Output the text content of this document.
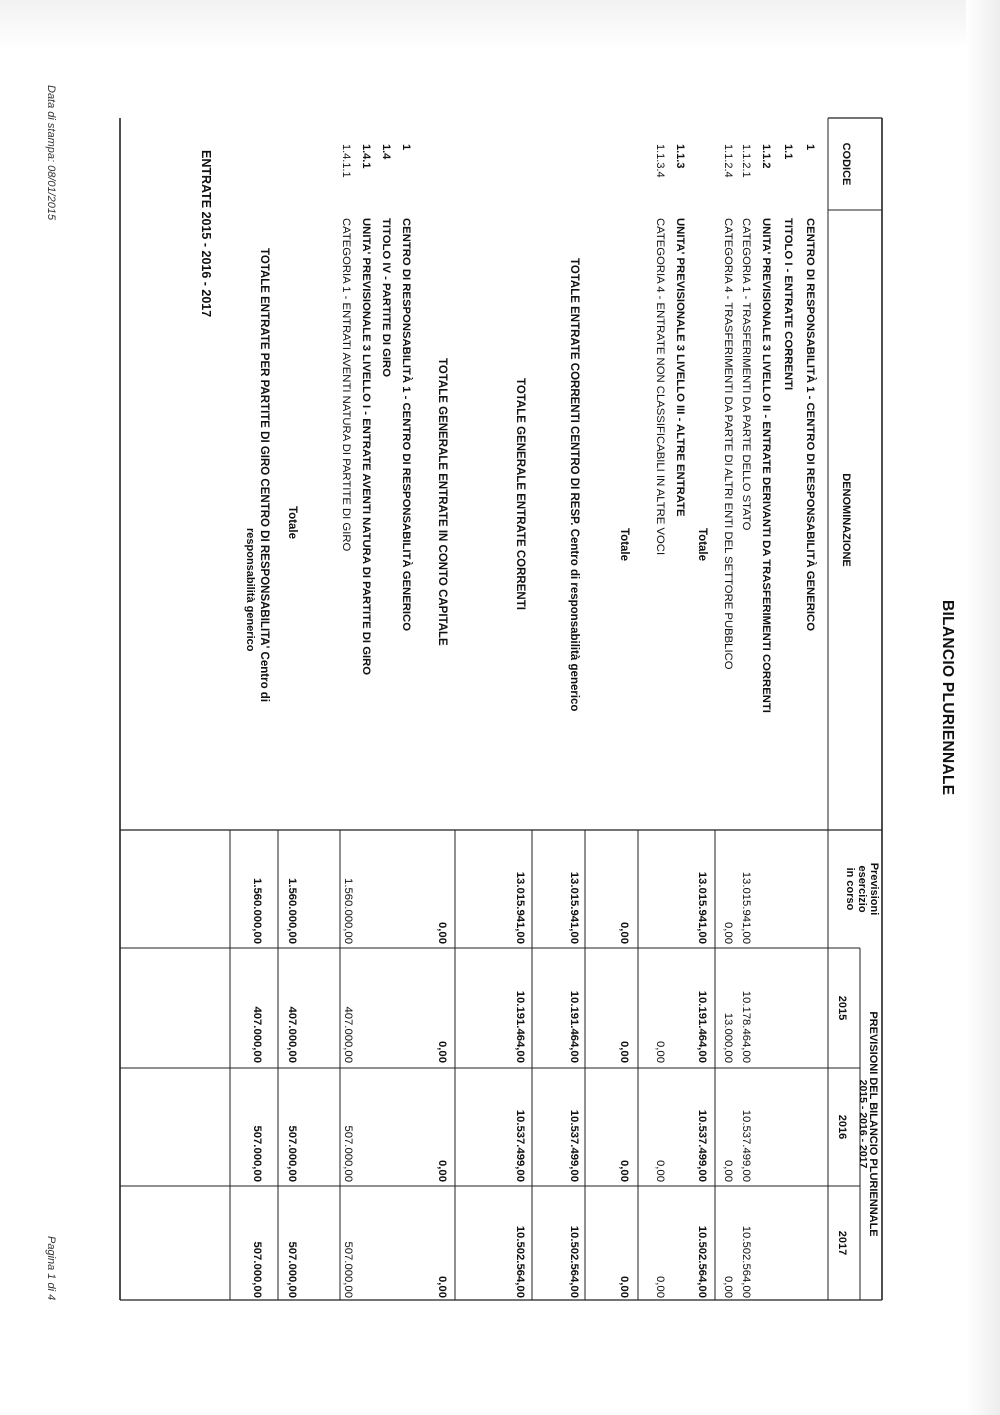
BILANCIO PLURIENNALE
ENTRATE 2015 - 2016 - 2017
Data di stampa: 08/01/2015
Pagina 1 di 4
CODICE
DENOMINAZIONE
Previsioni
esercizio
in corso
PREVISIONI DEL BILANCIO PLURIENNALE
2015 - 2016 - 2017
2015
2016
2017
1
CENTRO DI RESPONSABILITÀ 1 - CENTRO DI RESPONSABILITÀ GENERICO
1.1
TITOLO I - ENTRATE CORRENTI
1.1.2
UNITA' PREVISIONALE 3 LIVELLO II - ENTRATE DERIVANTI DA TRASFERIMENTI CORRENTI
1.1.2.1
CATEGORIA 1 - TRASFERIMENTI DA PARTE DELLO STATO
13.015.941,00
10.178.464,00
10.537.499,00
10.502.564,00
1.1.2.4
CATEGORIA 4 - TRASFERIMENTI DA PARTE DI ALTRI ENTI DEL SETTORE PUBBLICO
0,00
13.000,00
0,00
0,00
Totale
13.015.941,00
10.191.464,00
10.537.499,00
10.502.564,00
1.1.3
UNITA' PREVISIONALE 3 LIVELLO III - ALTRE ENTRATE
1.1.3.4
CATEGORIA 4 - ENTRATE NON CLASSIFICABILI IN ALTRE VOCI
0,00
0,00
0,00
Totale
0,00
0,00
0,00
0,00
TOTALE ENTRATE CORRENTI CENTRO DI RESP. Centro di responsabilità generico
13.015.941,00
10.191.464,00
10.537.499,00
10.502.564,00
TOTALE GENERALE ENTRATE CORRENTI
13.015.941,00
10.191.464,00
10.537.499,00
10.502.564,00
TOTALE GENERALE ENTRATE IN CONTO CAPITALE
0,00
0,00
0,00
0,00
1
CENTRO DI RESPONSABILITÀ 1 - CENTRO DI RESPONSABILITÀ GENERICO
1.4
TITOLO IV - PARTITE DI GIRO
1.4.1
UNITA' PREVISIONALE 3 LIVELLO I - ENTRATE AVENTI NATURA DI PARTITE DI GIRO
1.4.1.1
CATEGORIA 1 - ENTRATI AVENTI NATURA DI PARTITE DI GIRO
1.560.000,00
407.000,00
507.000,00
507.000,00
Totale
1.560.000,00
407.000,00
507.000,00
507.000,00
TOTALE ENTRATE PER PARTITE DI GIRO CENTRO DI RESPONSABILITA' Centro di
responsabilità generico
1.560.000,00
407.000,00
507.000,00
507.000,00
